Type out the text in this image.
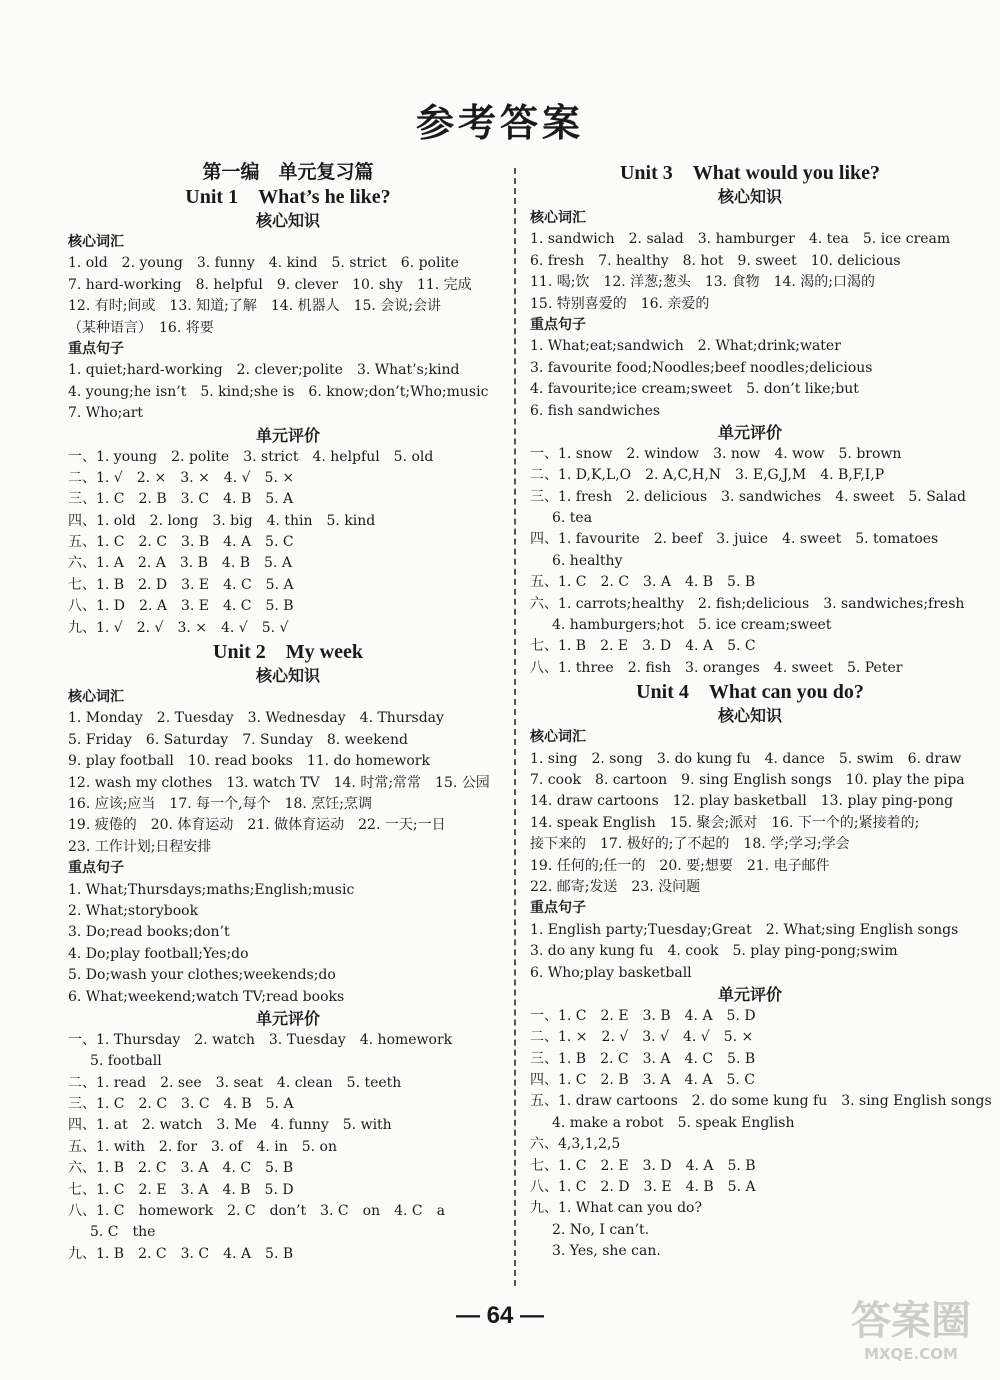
参考答案
第一编　单元复习篇
Unit 1　What’s he like?
核心知识
核心词汇
1. old　2. young　3. funny　4. kind　5. strict　6. polite
7. hard-working　8. helpful　9. clever　10. shy　11. 完成
12. 有时;间或　13. 知道;了解　14. 机器人　15. 会说;会讲
（某种语言）　16. 将要
重点句子
1. quiet;hard-working　2. clever;polite　3. What’s;kind
4. young;he isn’t　5. kind;she is　6. know;don’t;Who;music
7. Who;art
单元评价
一、1. young　2. polite　3. strict　4. helpful　5. old
二、1. √　2. ×　3. ×　4. √　5. ×
三、1. C　2. B　3. C　4. B　5. A
四、1. old　2. long　3. big　4. thin　5. kind
五、1. C　2. C　3. B　4. A　5. C
六、1. A　2. A　3. B　4. B　5. A
七、1. B　2. D　3. E　4. C　5. A
八、1. D　2. A　3. E　4. C　5. B
九、1. √　2. √　3. ×　4. √　5. √
Unit 2　My week
核心知识
核心词汇
1. Monday　2. Tuesday　3. Wednesday　4. Thursday
5. Friday　6. Saturday　7. Sunday　8. weekend
9. play football　10. read books　11. do homework
12. wash my clothes　13. watch TV　14. 时常;常常　15. 公园
16. 应该;应当　17. 每一个,每个　18. 烹饪;烹调
19. 疲倦的　20. 体育运动　21. 做体育运动　22. 一天;一日
23. 工作计划;日程安排
重点句子
1. What;Thursdays;maths;English;music
2. What;storybook
3. Do;read books;don’t
4. Do;play football;Yes;do
5. Do;wash your clothes;weekends;do
6. What;weekend;watch TV;read books
单元评价
一、1. Thursday　2. watch　3. Tuesday　4. homework
5. football
二、1. read　2. see　3. seat　4. clean　5. teeth
三、1. C　2. C　3. C　4. B　5. A
四、1. at　2. watch　3. Me　4. funny　5. with
五、1. with　2. for　3. of　4. in　5. on
六、1. B　2. C　3. A　4. C　5. B
七、1. C　2. E　3. A　4. B　5. D
八、1. C　homework　2. C　don’t　3. C　on　4. C　a
5. C　the
九、1. B　2. C　3. C　4. A　5. B
Unit 3　What would you like?
核心知识
核心词汇
1. sandwich　2. salad　3. hamburger　4. tea　5. ice cream
6. fresh　7. healthy　8. hot　9. sweet　10. delicious
11. 喝;饮　12. 洋葱;葱头　13. 食物　14. 渴的;口渴的
15. 特别喜爱的　16. 亲爱的
重点句子
1. What;eat;sandwich　2. What;drink;water
3. favourite food;Noodles;beef noodles;delicious
4. favourite;ice cream;sweet　5. don’t like;but
6. fish sandwiches
单元评价
一、1. snow　2. window　3. now　4. wow　5. brown
二、1. D,K,L,O　2. A,C,H,N　3. E,G,J,M　4. B,F,I,P
三、1. fresh　2. delicious　3. sandwiches　4. sweet　5. Salad
6. tea
四、1. favourite　2. beef　3. juice　4. sweet　5. tomatoes
6. healthy
五、1. C　2. C　3. A　4. B　5. B
六、1. carrots;healthy　2. fish;delicious　3. sandwiches;fresh
4. hamburgers;hot　5. ice cream;sweet
七、1. B　2. E　3. D　4. A　5. C
八、1. three　2. fish　3. oranges　4. sweet　5. Peter
Unit 4　What can you do?
核心知识
核心词汇
1. sing　2. song　3. do kung fu　4. dance　5. swim　6. draw
7. cook　8. cartoon　9. sing English songs　10. play the pipa
14. draw cartoons　12. play basketball　13. play ping-pong
14. speak English　15. 聚会;派对　16. 下一个的;紧接着的;
接下来的　17. 极好的;了不起的　18. 学;学习;学会
19. 任何的;任一的　20. 要;想要　21. 电子邮件
22. 邮寄;发送　23. 没问题
重点句子
1. English party;Tuesday;Great　2. What;sing English songs
3. do any kung fu　4. cook　5. play ping-pong;swim
6. Who;play basketball
单元评价
一、1. C　2. E　3. B　4. A　5. D
二、1. ×　2. √　3. √　4. √　5. ×
三、1. B　2. C　3. A　4. C　5. B
四、1. C　2. B　3. A　4. A　5. C
五、1. draw cartoons　2. do some kung fu　3. sing English songs
4. make a robot　5. speak English
六、4,3,1,2,5
七、1. C　2. E　3. D　4. A　5. B
八、1. C　2. D　3. E　4. B　5. A
九、1. What can you do?
2. No, I can’t.
3. Yes, she can.
— 64 —	答案圈
MXQE.COM
